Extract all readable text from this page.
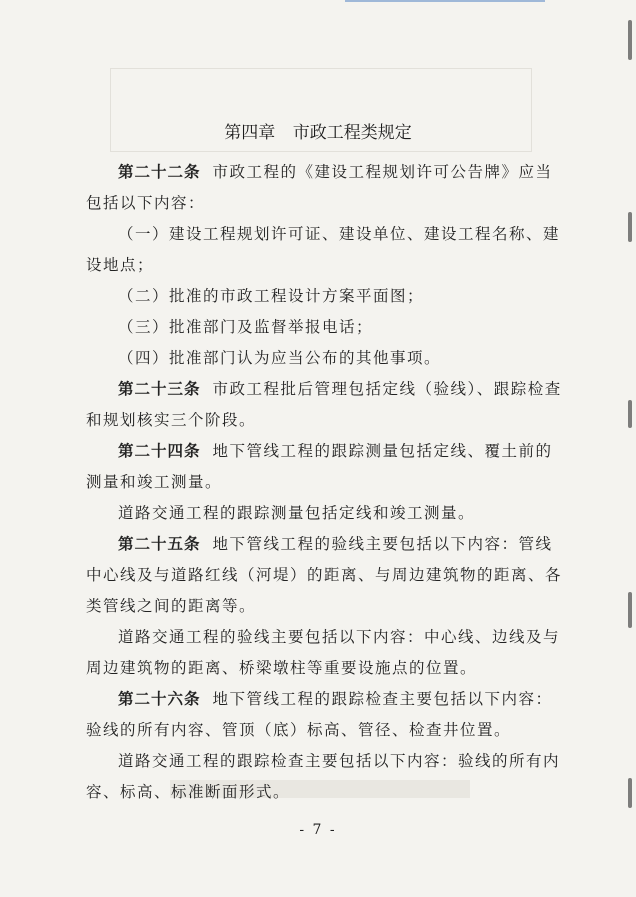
第四章 市政工程类规定

第二十二条 市政工程的《建设工程规划许可公告牌》应当包括以下内容：

（一）建设工程规划许可证、建设单位、建设工程名称、建设地点；

（二）批准的市政工程设计方案平面图；

（三）批准部门及监督举报电话；

（四）批准部门认为应当公布的其他事项。

第二十三条 市政工程批后管理包括定线（验线）、跟踪检查和规划核实三个阶段。

第二十四条 地下管线工程的跟踪测量包括定线、覆土前的测量和竣工测量。

道路交通工程的跟踪测量包括定线和竣工测量。

第二十五条 地下管线工程的验线主要包括以下内容：管线中心线及与道路红线（河堤）的距离、与周边建筑物的距离、各类管线之间的距离等。

道路交通工程的验线主要包括以下内容：中心线、边线及与周边建筑物的距离、桥梁墩柱等重要设施点的位置。

第二十六条 地下管线工程的跟踪检查主要包括以下内容：验线的所有内容、管顶（底）标高、管径、检查井位置。

道路交通工程的跟踪检查主要包括以下内容：验线的所有内容、标高、标准断面形式。

- 7 -
